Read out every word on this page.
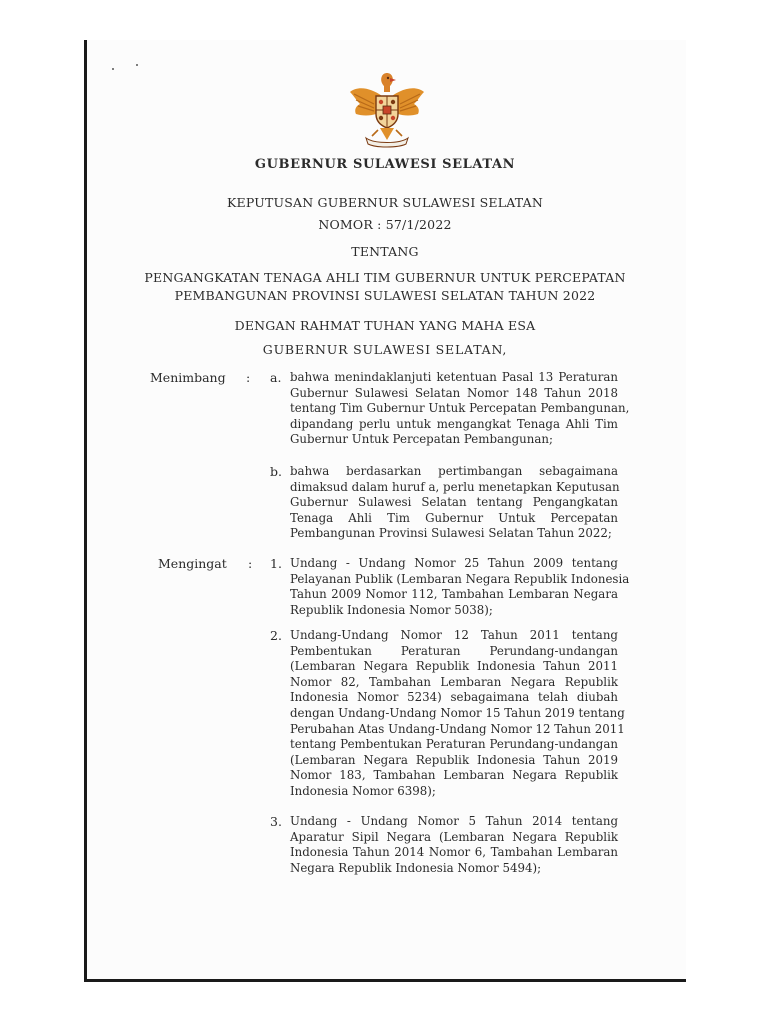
GUBERNUR SULAWESI SELATAN
KEPUTUSAN GUBERNUR SULAWESI SELATAN
NOMOR : 57/1/2022
TENTANG
PENGANGKATAN TENAGA AHLI TIM GUBERNUR UNTUK PERCEPATAN
PEMBANGUNAN PROVINSI SULAWESI SELATAN TAHUN 2022
DENGAN RAHMAT TUHAN YANG MAHA ESA
GUBERNUR SULAWESI SELATAN,
Menimbang : a. bahwa menindaklanjuti ketentuan Pasal 13 Peraturan
Gubernur Sulawesi Selatan Nomor 148 Tahun 2018
tentang Tim Gubernur Untuk Percepatan Pembangunan,
dipandang perlu untuk mengangkat Tenaga Ahli Tim
Gubernur Untuk Percepatan Pembangunan;
b. bahwa berdasarkan pertimbangan sebagaimana
dimaksud dalam huruf a, perlu menetapkan Keputusan
Gubernur Sulawesi Selatan tentang Pengangkatan
Tenaga Ahli Tim Gubernur Untuk Percepatan
Pembangunan Provinsi Sulawesi Selatan Tahun 2022;
Mengingat : 1. Undang - Undang Nomor 25 Tahun 2009 tentang
Pelayanan Publik (Lembaran Negara Republik Indonesia
Tahun 2009 Nomor 112, Tambahan Lembaran Negara
Republik Indonesia Nomor 5038);
2. Undang-Undang Nomor 12 Tahun 2011 tentang
Pembentukan Peraturan Perundang-undangan
(Lembaran Negara Republik Indonesia Tahun 2011
Nomor 82, Tambahan Lembaran Negara Republik
Indonesia Nomor 5234) sebagaimana telah diubah
dengan Undang-Undang Nomor 15 Tahun 2019 tentang
Perubahan Atas Undang-Undang Nomor 12 Tahun 2011
tentang Pembentukan Peraturan Perundang-undangan
(Lembaran Negara Republik Indonesia Tahun 2019
Nomor 183, Tambahan Lembaran Negara Republik
Indonesia Nomor 6398);
3. Undang - Undang Nomor 5 Tahun 2014 tentang
Aparatur Sipil Negara (Lembaran Negara Republik
Indonesia Tahun 2014 Nomor 6, Tambahan Lembaran
Negara Republik Indonesia Nomor 5494);
